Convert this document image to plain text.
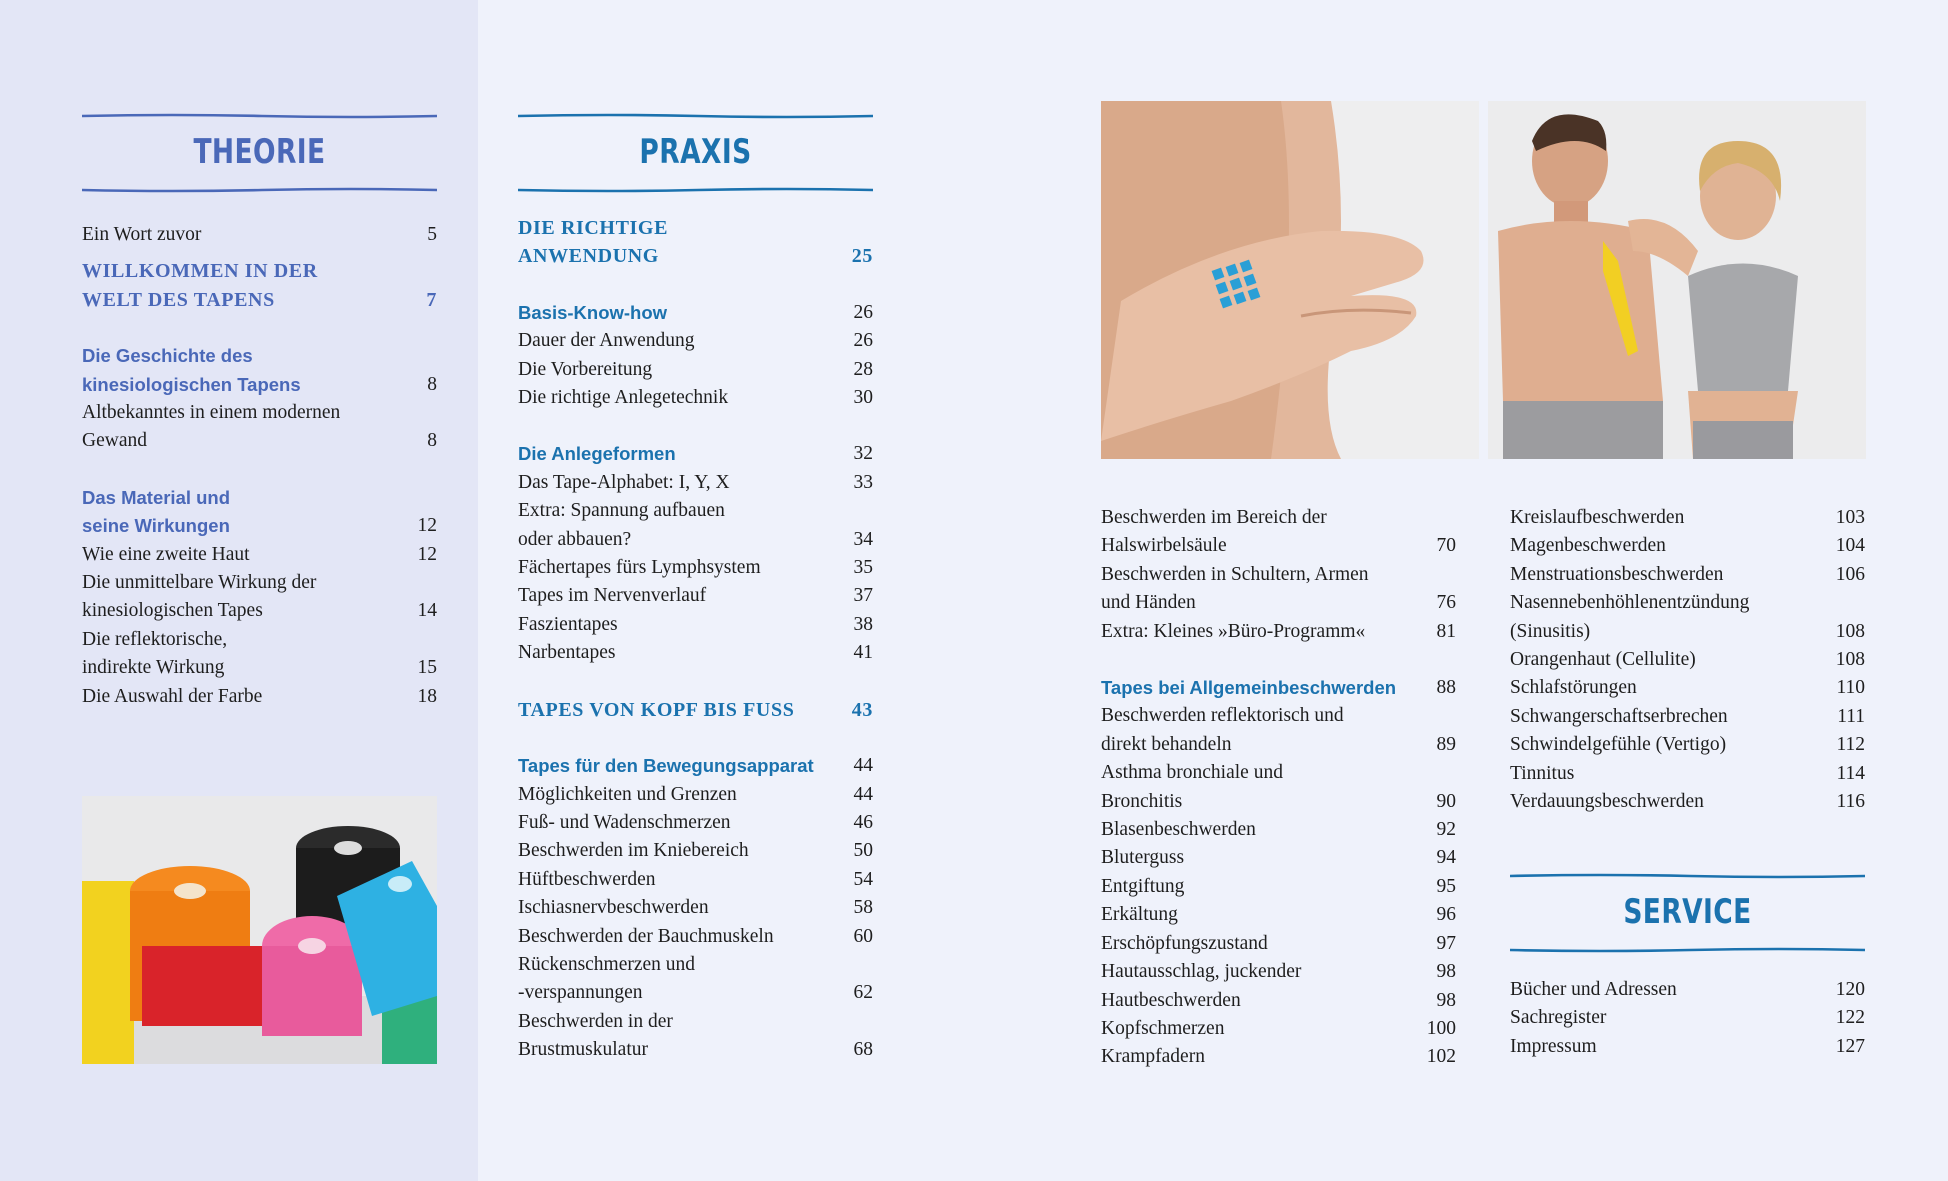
THEORIE
Ein Wort zuvor	5
WILLKOMMEN IN DER
WELT DES TAPENS	7
Die Geschichte des
kinesiologischen Tapens	8
Altbekanntes in einem modernen
Gewand	8
Das Material und
seine Wirkungen	12
Wie eine zweite Haut	12
Die unmittelbare Wirkung der
kinesiologischen Tapes	14
Die reflektorische,
indirekte Wirkung	15
Die Auswahl der Farbe	18
PRAXIS
DIE RICHTIGE
ANWENDUNG	25
Basis-Know-how	26
Dauer der Anwendung	26
Die Vorbereitung	28
Die richtige Anlegetechnik	30
Die Anlegeformen	32
Das Tape-Alphabet: I, Y, X	33
Extra: Spannung aufbauen
oder abbauen?	34
Fächertapes fürs Lymphsystem	35
Tapes im Nervenverlauf	37
Faszientapes	38
Narbentapes	41
TAPES VON KOPF BIS FUSS	43
Tapes für den Bewegungsapparat	44
Möglichkeiten und Grenzen	44
Fuß- und Wadenschmerzen	46
Beschwerden im Kniebereich	50
Hüftbeschwerden	54
Ischiasnervbeschwerden	58
Beschwerden der Bauchmuskeln	60
Rückenschmerzen und
-verspannungen	62
Beschwerden in der
Brustmuskulatur	68
Beschwerden im Bereich der
Halswirbelsäule	70
Beschwerden in Schultern, Armen
und Händen	76
Extra: Kleines »Büro-Programm«	81
Tapes bei Allgemeinbeschwerden	88
Beschwerden reflektorisch und
direkt behandeln	89
Asthma bronchiale und
Bronchitis	90
Blasenbeschwerden	92
Bluterguss	94
Entgiftung	95
Erkältung	96
Erschöpfungszustand	97
Hautausschlag, juckender	98
Hautbeschwerden	98
Kopfschmerzen	100
Krampfadern	102
Kreislaufbeschwerden	103
Magenbeschwerden	104
Menstruationsbeschwerden	106
Nasennebenhöhlenentzündung
(Sinusitis)	108
Orangenhaut (Cellulite)	108
Schlafstörungen	110
Schwangerschaftserbrechen	111
Schwindelgefühle (Vertigo)	112
Tinnitus	114
Verdauungsbeschwerden	116
SERVICE
Bücher und Adressen	120
Sachregister	122
Impressum	127
